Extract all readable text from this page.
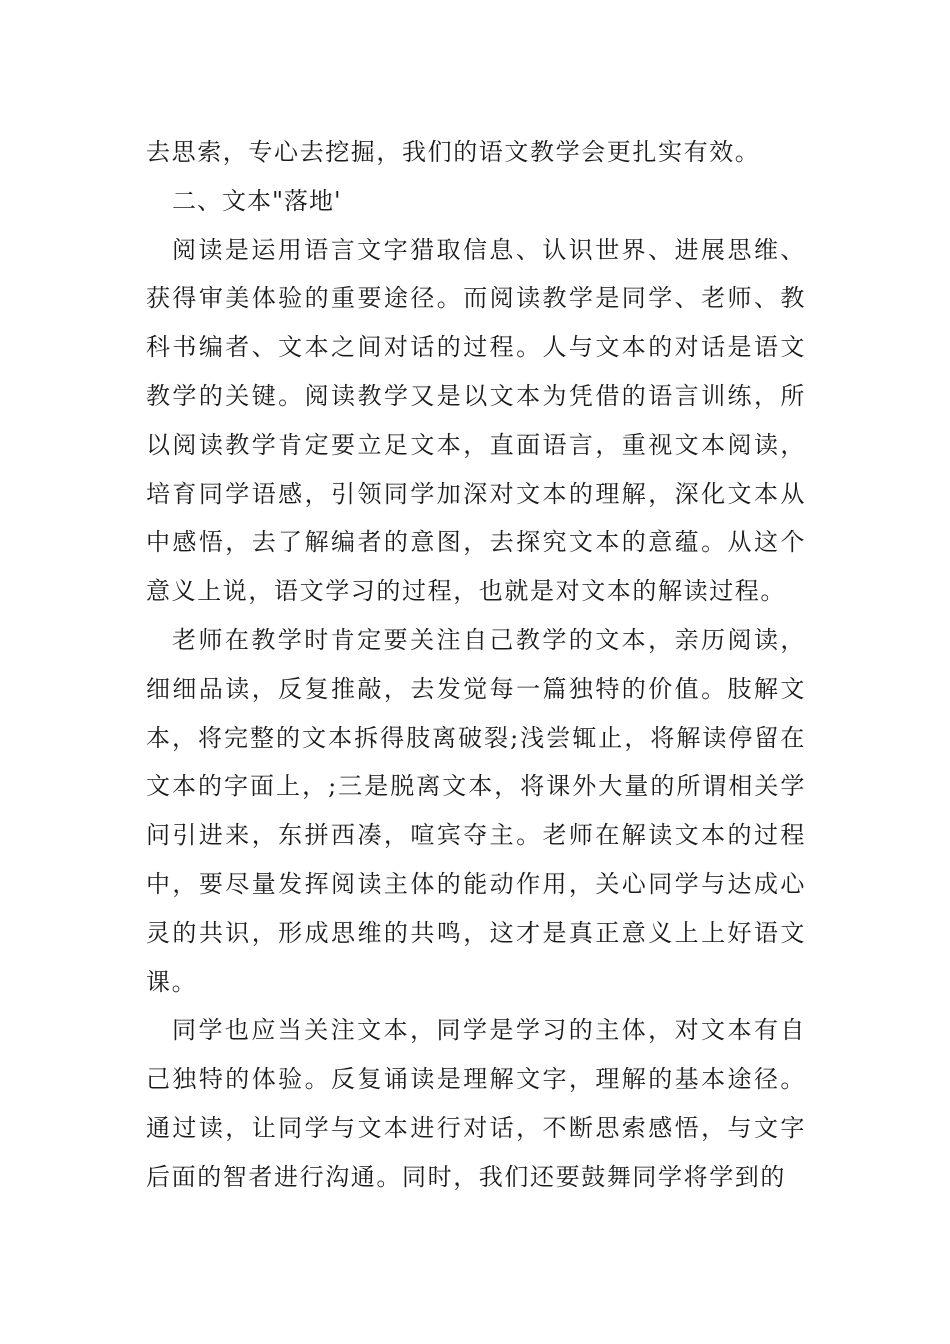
去思索，专心去挖掘，我们的语文教学会更扎实有效。

二、文本"落地'

阅读是运用语言文字猎取信息、认识世界、进展思维、获得审美体验的重要途径。而阅读教学是同学、老师、教科书编者、文本之间对话的过程。人与文本的对话是语文教学的关键。阅读教学又是以文本为凭借的语言训练，所以阅读教学肯定要立足文本，直面语言，重视文本阅读，培育同学语感，引领同学加深对文本的理解，深化文本从中感悟，去了解编者的意图，去探究文本的意蕴。从这个意义上说，语文学习的过程，也就是对文本的解读过程。

老师在教学时肯定要关注自己教学的文本，亲历阅读，细细品读，反复推敲，去发觉每一篇独特的价值。肢解文本，将完整的文本拆得肢离破裂;浅尝辄止，将解读停留在文本的字面上，;三是脱离文本，将课外大量的所谓相关学问引进来，东拼西凑，喧宾夺主。老师在解读文本的过程中，要尽量发挥阅读主体的能动作用，关心同学与达成心灵的共识，形成思维的共鸣，这才是真正意义上上好语文课。

同学也应当关注文本，同学是学习的主体，对文本有自己独特的体验。反复诵读是理解文字，理解的基本途径。通过读，让同学与文本进行对话，不断思索感悟，与文字后面的智者进行沟通。同时，我们还要鼓舞同学将学到的
